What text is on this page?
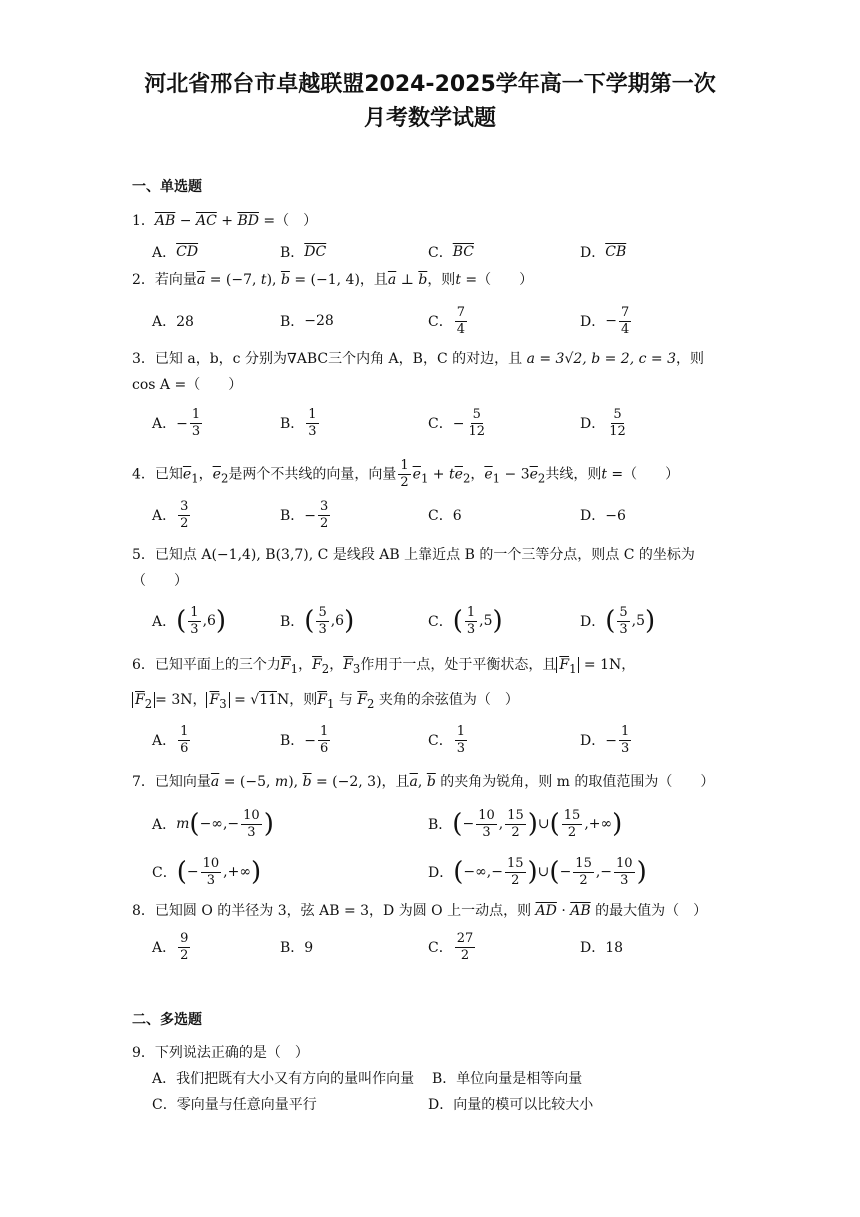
河北省邢台市卓越联盟2024-2025学年高一下学期第一次
月考数学试题
一、单选题
1．$\overline{AB} - \overline{AC} + \overline{BD}$ =（　）
A． $\overline{CD}$	B． $\overline{DC}$	C． $\overline{BC}$	D． $\overline{CB}$
2．若向量$\overline{a} = (-7$, t), $\overline{b} = (-1$, 4)，且$\overline{a}$ ⊥ $\overline{b}$，则t =（　　）
A．28	B． −28	C． $\frac{7}{4}$	D． − $\frac{7}{4}$
3．已知 a，b，c 分别为∇ABC三个内角 A，B，C 的对边，且 a = 3√2, b = 2, c = 3，则
cos A =（　　）
A．− $\frac{1}{3}$	B． $\frac{1}{3}$	C．− $\frac{5}{12}$	D． $\frac{5}{12}$
4．已知$\overline{e}_1$，$\overline{e}_2$是两个不共线的向量，向量 $\frac{1}{2} \overline{e}_1 + t\overline{e}_2$，$\overline{e}_1 - 3\overline{e}_2$共线，则t =（　　）
A． $\frac{3}{2}$	B．− $\frac{3}{2}$	C．6	D．−6
5．已知点 A(−1,4), B(3,7), C 是线段 AB 上靠近点 B 的一个三等分点，则点 C 的坐标为
（　　）
A． ( $\frac{1}{3} ,6$ )	B． ( $\frac{5}{3} ,6$ )	C． ( $\frac{1}{3} ,5$ )	D． ( $\frac{5}{3} ,5$ )
6．已知平面上的三个力$\overline{F}_1$，$\overline{F}_2$，$\overline{F}_3$作用于一点，处于平衡状态，且 $\overline{F}_1 = 1N$，
$\overline{F}_2 = 3N$， $\overline{F}_3 = √11N$，则$\overline{F}_1$ 与 $\overline{F}_2$ 夹角的余弦值为（　）
A． $\frac{1}{6}$	B．− $\frac{1}{6}$	C． $\frac{1}{3}$	D．− $\frac{1}{3}$
7．已知向量$\overline{a} = (-5$, m), $\overline{b} = (-2$, 3)，且$\overline{a}$, $\overline{b}$ 的夹角为锐角，则 m 的取值范围为（　　）
A． m ( −∞,− $\frac{10}{3}$ )	B． ( − $\frac{10}{3}$ , $\frac{15}{2}$ ) ∪ ( $\frac{15}{2}$ ,+∞ )
C． ( − $\frac{10}{3}$ ,+∞ )	D． ( −∞,− $\frac{15}{2}$ ) ∪ ( − $\frac{15}{2}$ ,− $\frac{10}{3}$ )
8．已知圆 O 的半径为 3，弦 AB = 3，D 为圆 O 上一动点，则 $\overline{AD} \cdot \overline{AB}$ 的最大值为（　）
A． $\frac{9}{2}$	B．9	C． $\frac{27}{2}$	D．18
二、多选题
9．下列说法正确的是（　）
A．我们把既有大小又有方向的量叫作向量 B．单位向量是相等向量
C．零向量与任意向量平行	D．向量的模可以比较大小
